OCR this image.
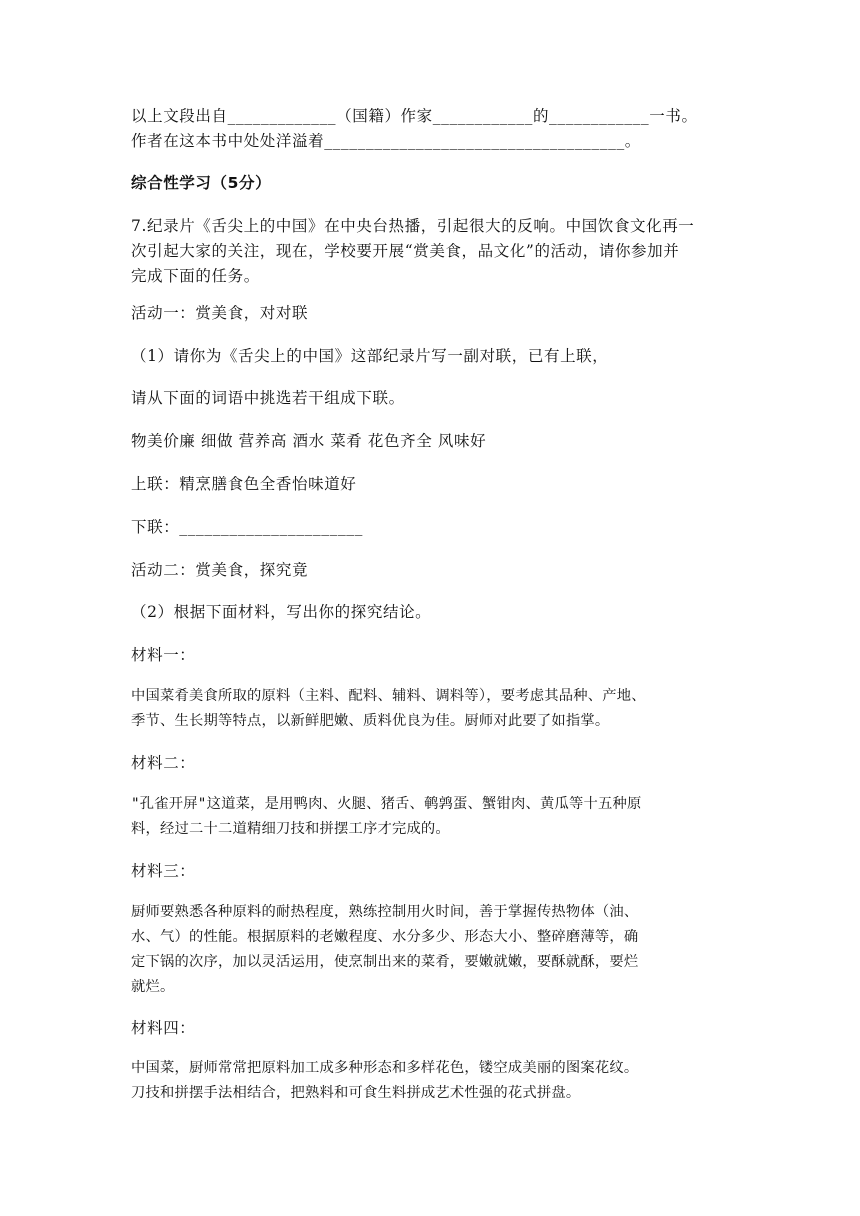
以上文段出自_____________（国籍）作家____________的____________一书。
作者在这本书中处处洋溢着____________________________________。
综合性学习（5分）
7.纪录片《舌尖上的中国》在中央台热播，引起很大的反响。中国饮食文化再一
次引起大家的关注，现在，学校要开展“赏美食，品文化”的活动，请你参加并
完成下面的任务。
活动一：赏美食，对对联
（1）请你为《舌尖上的中国》这部纪录片写一副对联，已有上联，
请从下面的词语中挑选若干组成下联。
物美价廉 细做 营养高 酒水 菜肴 花色齐全 风味好
上联：精烹膳食色全香怡味道好
下联：______________________
活动二：赏美食，探究竟
（2）根据下面材料，写出你的探究结论。
材料一：
中国菜肴美食所取的原料（主料、配料、辅料、调料等），要考虑其品种、产地、
季节、生长期等特点，以新鲜肥嫩、质料优良为佳。厨师对此要了如指掌。
材料二：
"孔雀开屏"这道菜，是用鸭肉、火腿、猪舌、鹌鹑蛋、蟹钳肉、黄瓜等十五种原
料，经过二十二道精细刀技和拼摆工序才完成的。
材料三：
厨师要熟悉各种原料的耐热程度，熟练控制用火时间，善于掌握传热物体（油、
水、气）的性能。根据原料的老嫩程度、水分多少、形态大小、整碎磨薄等，确
定下锅的次序，加以灵活运用，使烹制出来的菜肴，要嫩就嫩，要酥就酥，要烂
就烂。
材料四：
中国菜，厨师常常把原料加工成多种形态和多样花色，镂空成美丽的图案花纹。
刀技和拼摆手法相结合，把熟料和可食生料拼成艺术性强的花式拼盘。
